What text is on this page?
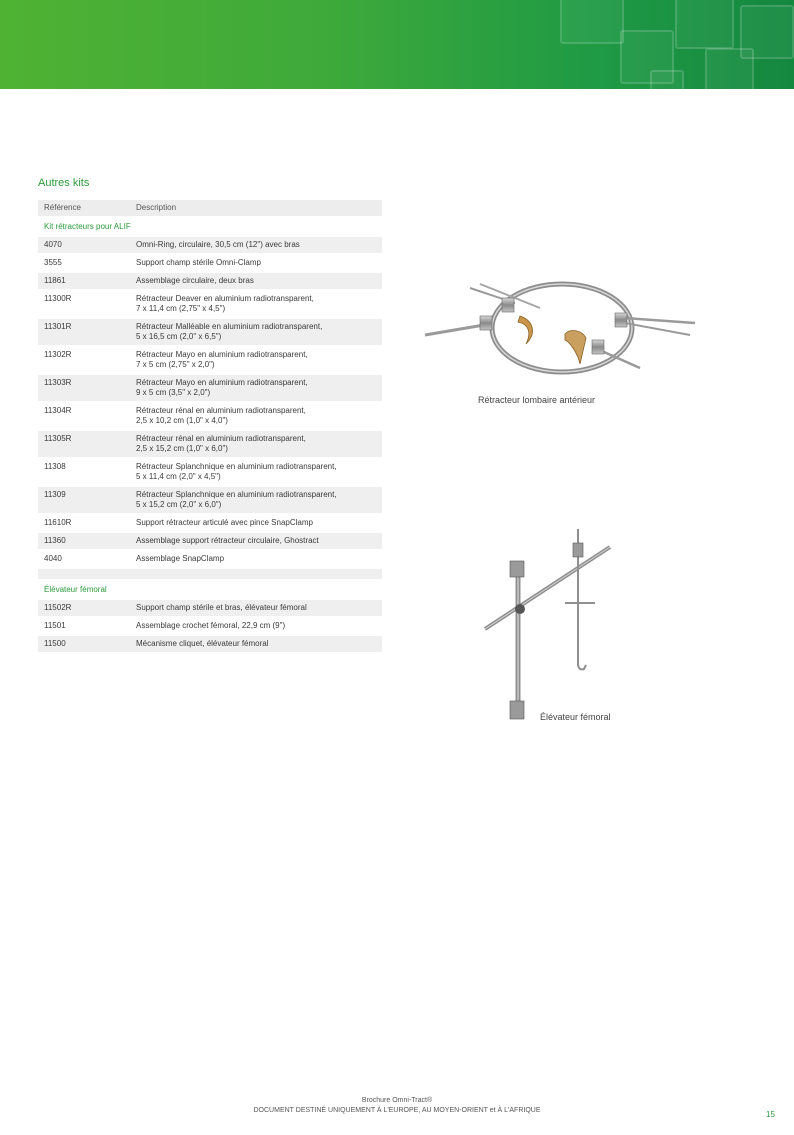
Autres kits
Référence	Description
Kit rétracteurs pour ALIF	
4070	Omni-Ring, circulaire, 30,5 cm (12") avec bras

3555	Support champ stérile Omni-Clamp

11861	Assemblage circulaire, deux bras

11300R	Rétracteur Deaver en aluminium radiotransparent,
7 x 11,4 cm (2,75" x 4,5")

11301R	Rétracteur Malléable en aluminium radiotransparent,
5 x 16,5 cm (2,0" x 6,5")

11302R	Rétracteur Mayo en aluminium radiotransparent,
7 x 5 cm (2,75" x 2,0")

11303R	Rétracteur Mayo en aluminium radiotransparent,
9 x 5 cm (3,5" x 2,0")

11304R	Rétracteur rénal en aluminium radiotransparent,
2,5 x 10,2 cm (1,0" x 4,0")

11305R	Rétracteur rénal en aluminium radiotransparent,
2,5 x 15,2 cm (1,0" x 6,0")

11308	Rétracteur Splanchnique en aluminium radiotransparent,
5 x 11,4 cm (2,0" x 4,5")

11309	Rétracteur Splanchnique en aluminium radiotransparent,
5 x 15,2 cm (2,0" x 6,0")

11610R	Support rétracteur articulé avec pince SnapClamp

11360	Assemblage support rétracteur circulaire, Ghostract

4040	Assemblage SnapClamp

Élévateur fémoral	
11502R	Support champ stérile et bras, élévateur fémoral

11501	Assemblage crochet fémoral, 22,9 cm (9")

11500	Mécanisme cliquet, élévateur fémoral
Rétracteur lombaire antérieur
Élévateur fémoral
Brochure Omni-Tract®
DOCUMENT DESTINÉ UNIQUEMENT À L'EUROPE, AU MOYEN-ORIENT et À L'AFRIQUE	15
